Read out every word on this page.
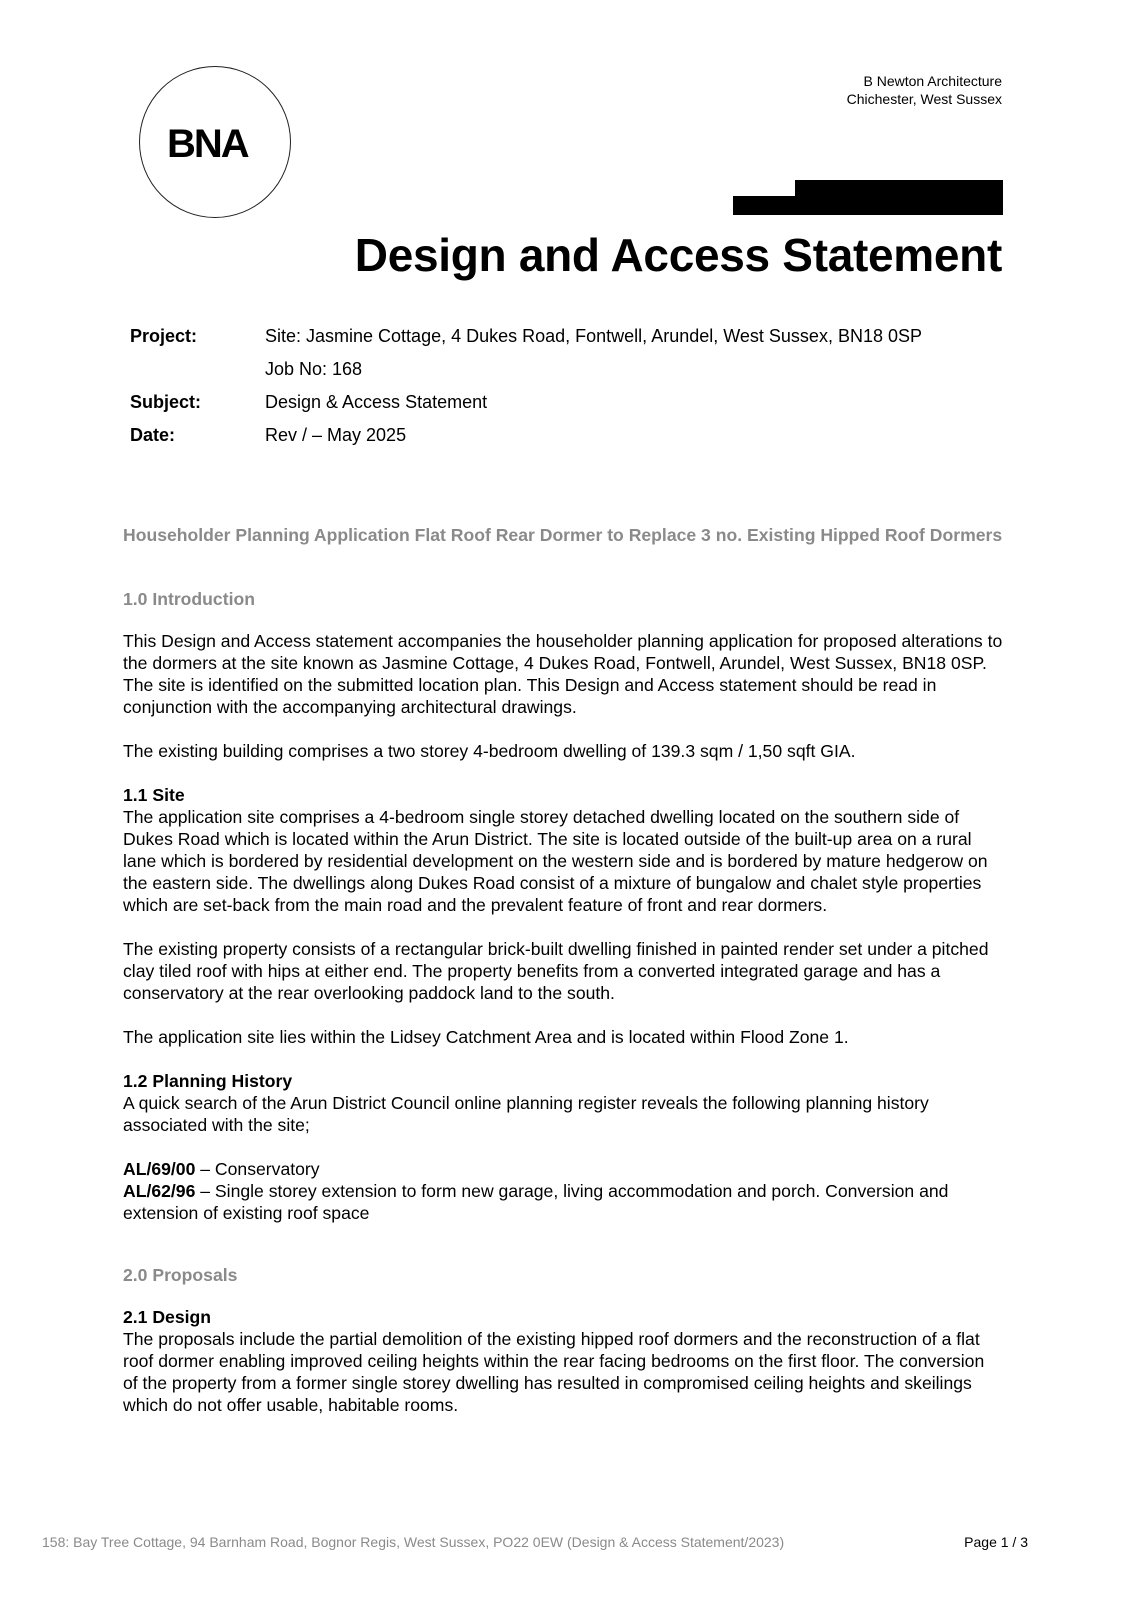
BNA
B Newton Architecture
Chichester, West Sussex
Design and Access Statement
Project:	Site: Jasmine Cottage, 4 Dukes Road, Fontwell, Arundel, West Sussex, BN18 0SP
Job No: 168
Subject:	Design & Access Statement
Date:	Rev / – May 2025
Householder Planning Application Flat Roof Rear Dormer to Replace 3 no. Existing Hipped Roof Dormers
1.0 Introduction

This Design and Access statement accompanies the householder planning application for proposed alterations to the dormers at the site known as Jasmine Cottage, 4 Dukes Road, Fontwell, Arundel, West Sussex, BN18 0SP. The site is identified on the submitted location plan. This Design and Access statement should be read in conjunction with the accompanying architectural drawings.

The existing building comprises a two storey 4-bedroom dwelling of 139.3 sqm / 1,50 sqft GIA.

1.1 Site

The application site comprises a 4-bedroom single storey detached dwelling located on the southern side of Dukes Road which is located within the Arun District. The site is located outside of the built-up area on a rural lane which is bordered by residential development on the western side and is bordered by mature hedgerow on the eastern side. The dwellings along Dukes Road consist of a mixture of bungalow and chalet style properties which are set-back from the main road and the prevalent feature of front and rear dormers.

The existing property consists of a rectangular brick-built dwelling finished in painted render set under a pitched clay tiled roof with hips at either end. The property benefits from a converted integrated garage and has a conservatory at the rear overlooking paddock land to the south.

The application site lies within the Lidsey Catchment Area and is located within Flood Zone 1.

1.2 Planning History

A quick search of the Arun District Council online planning register reveals the following planning history associated with the site;

AL/69/00 – Conservatory
AL/62/96 – Single storey extension to form new garage, living accommodation and porch. Conversion and extension of existing roof space
2.0 Proposals
2.1 Design

The proposals include the partial demolition of the existing hipped roof dormers and the reconstruction of a flat roof dormer enabling improved ceiling heights within the rear facing bedrooms on the first floor. The conversion of the property from a former single storey dwelling has resulted in compromised ceiling heights and skeilings which do not offer usable, habitable rooms.

158: Bay Tree Cottage, 94 Barnham Road, Bognor Regis, West Sussex, PO22 0EW (Design & Access Statement/2023)	Page 1 / 3
